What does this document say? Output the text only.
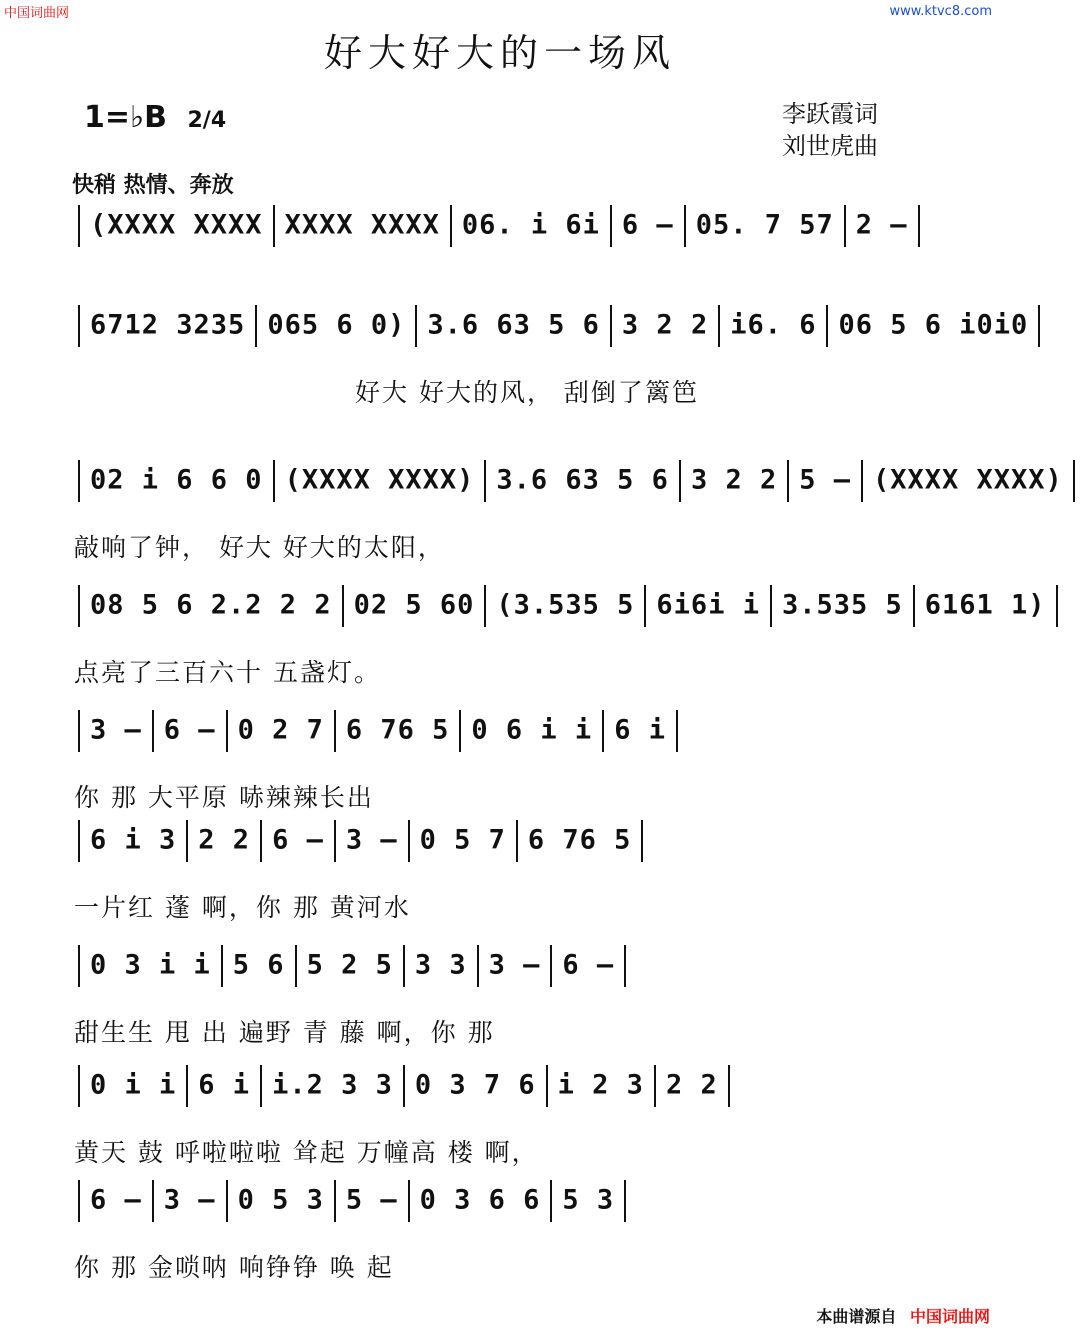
中国词曲网	www.ktvc8.com
好大好大的一场风
1=♭B 2/4	李跃霞词
刘世虎曲
快稍 热情、奔放
(XXXX XXXX XXXX XXXX 06. i 6i 6 – 05. 7 57 2 –
6712 3235 065 6 0) 3.6 63 5 6 3 2 2 i6. 6 06 5 6 i0i0
好大 好大的风， 刮倒了篱笆
02 i 6 6 0 (XXXX XXXX) 3.6 63 5 6 3 2 2 5 – (XXXX XXXX)
敲响了钟， 好大 好大的太阳，
08 5 6 2.2 2 2 02 5 60 (3.535 5 6i6i i 3.535 5 6161 1)
点亮了三百六十 五盏灯。
3 – 6 – 0 2 7 6 76 5 0 6 i i 6 i
你 那 大平原 哧辣辣长出
6 i 3 2 2 6 – 3 – 0 5 7 6 76 5
一片红 蓬 啊，你 那 黄河水
0 3 i i 5 6 5 2 5 3 3 3 – 6 –
甜生生 甩 出 遍野 青 藤 啊，你 那
0 i i 6 i i.2 3 3 0 3 7 6 i 2 3 2 2
黄天 鼓 呼啦啦啦 耸起 万幢高 楼 啊，
6 – 3 – 0 5 3 5 – 0 3 6 6 5 3
你 那 金唢呐 响铮铮 唤 起
本曲谱源自 中国词曲网
